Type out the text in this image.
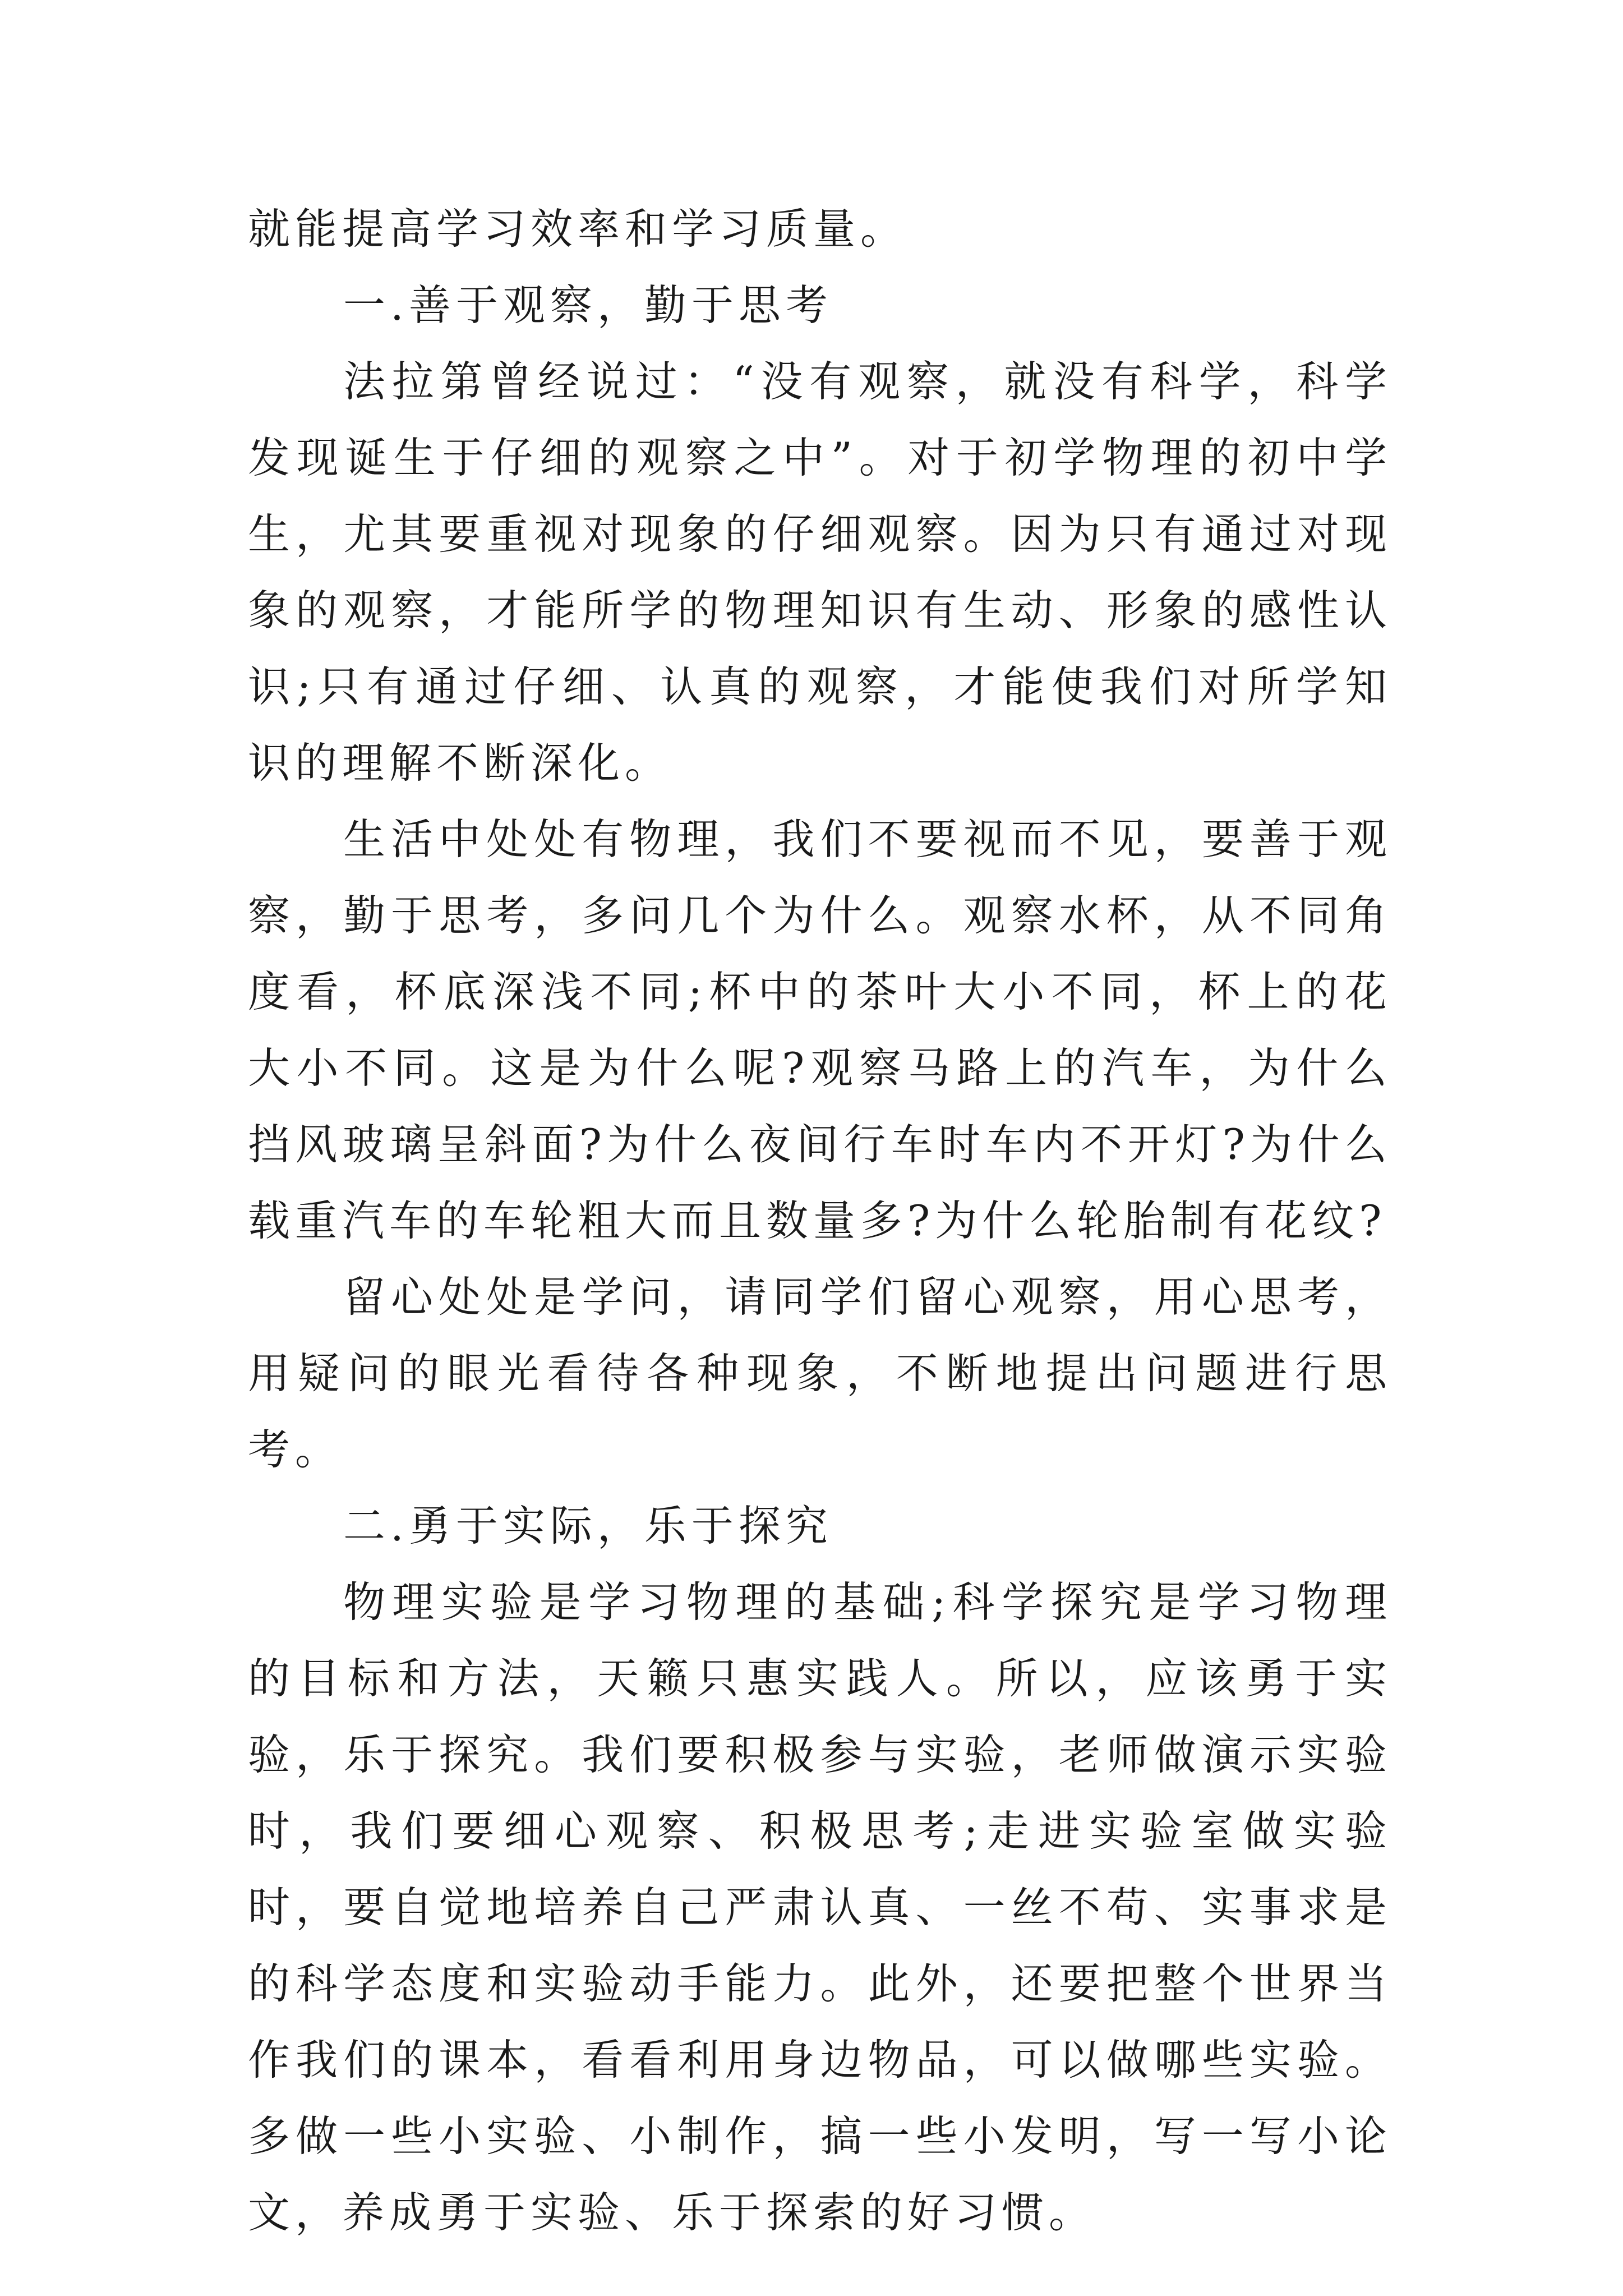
就能提高学习效率和学习质量。

一.善于观察，勤于思考

法拉第曾经说过：“没有观察，就没有科学，科学发现诞生于仔细的观察之中”。对于初学物理的初中学生，尤其要重视对现象的仔细观察。因为只有通过对现象的观察，才能所学的物理知识有生动、形象的感性认识;只有通过仔细、认真的观察，才能使我们对所学知识的理解不断深化。

生活中处处有物理，我们不要视而不见，要善于观察，勤于思考，多问几个为什么。观察水杯，从不同角度看，杯底深浅不同;杯中的茶叶大小不同，杯上的花大小不同。这是为什么呢?观察马路上的汽车，为什么挡风玻璃呈斜面?为什么夜间行车时车内不开灯?为什么载重汽车的车轮粗大而且数量多?为什么轮胎制有花纹?

留心处处是学问，请同学们留心观察，用心思考，用疑问的眼光看待各种现象，不断地提出问题进行思考。

二.勇于实际，乐于探究

物理实验是学习物理的基础;科学探究是学习物理的目标和方法，天籁只惠实践人。所以，应该勇于实验，乐于探究。我们要积极参与实验，老师做演示实验时，我们要细心观察、积极思考;走进实验室做实验时，要自觉地培养自己严肃认真、一丝不苟、实事求是的科学态度和实验动手能力。此外，还要把整个世界当作我们的课本，看看利用身边物品，可以做哪些实验。多做一些小实验、小制作，搞一些小发明，写一写小论文，养成勇于实验、乐于探索的好习惯。
